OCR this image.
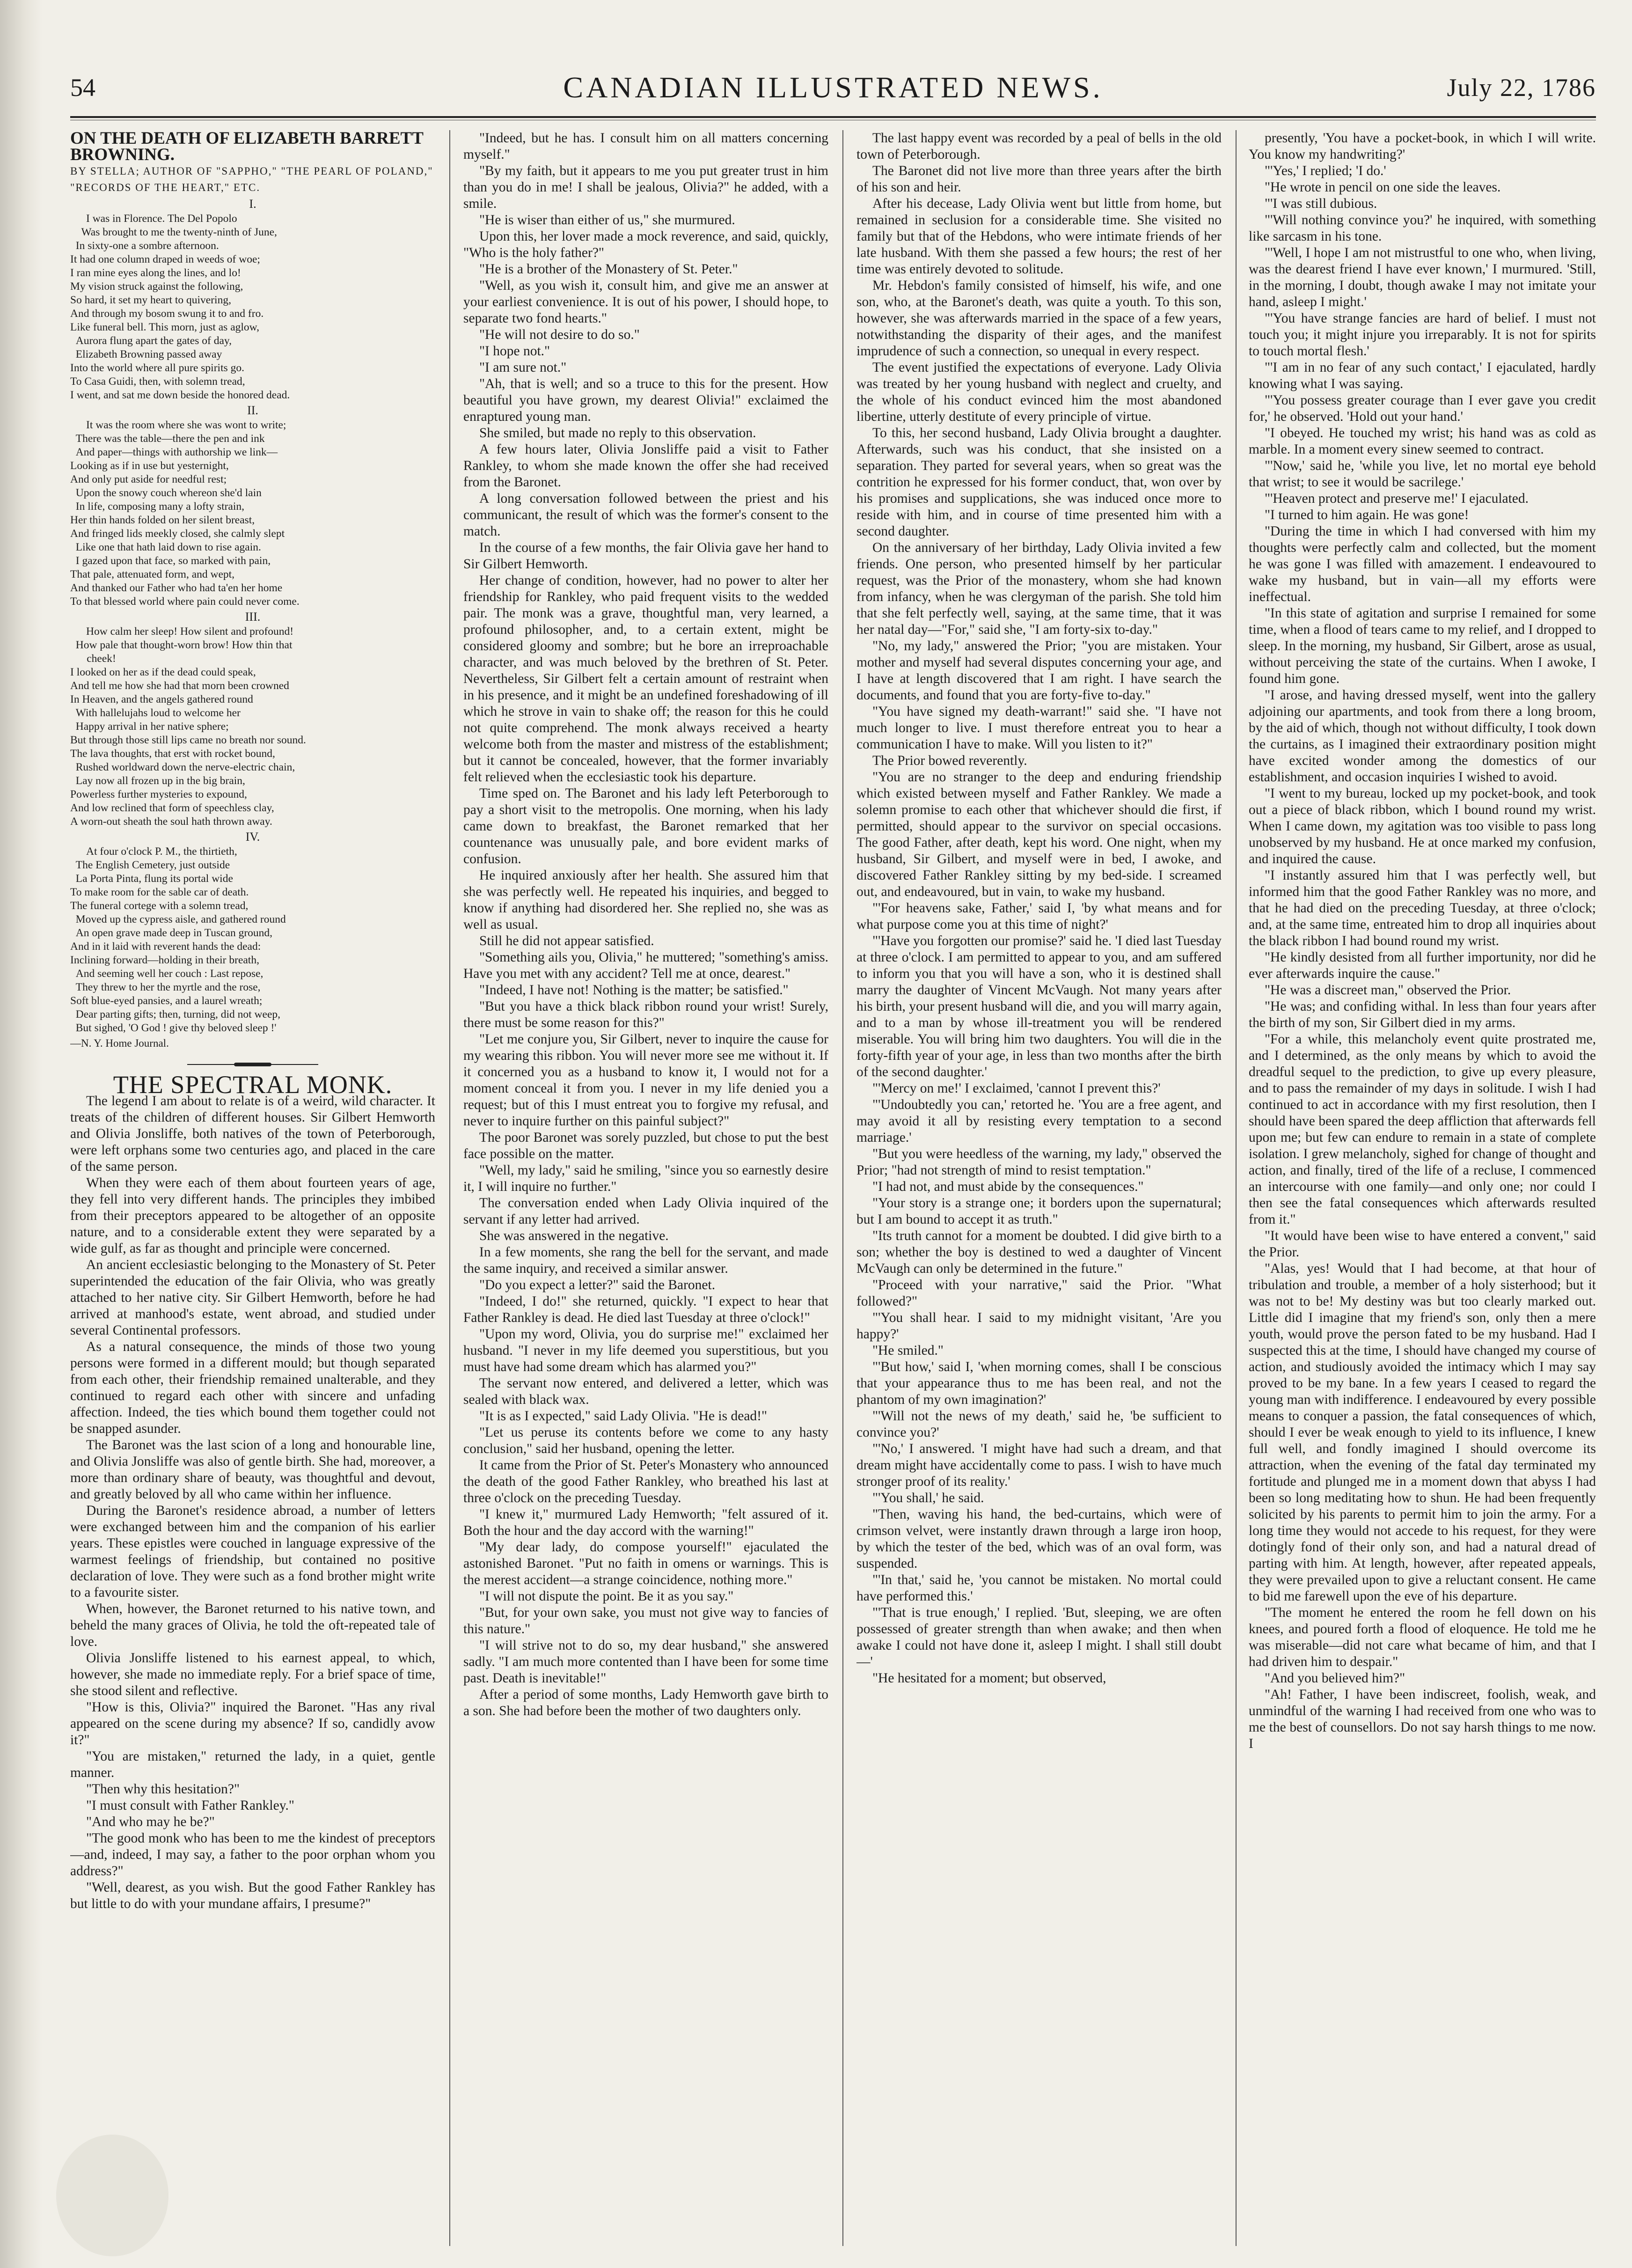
54	CANADIAN ILLUSTRATED NEWS.	July 22, 1786

ON THE DEATH OF ELIZABETH BARRETT BROWNING.

BY STELLA; AUTHOR OF "SAPPHO," "THE PEARL OF POLAND," "RECORDS OF THE HEART," ETC.

I.

I was in Florence. The Del Popolo
Was brought to me the twenty-ninth of June,
In sixty-one a sombre afternoon.
It had one column draped in weeds of woe;
I ran mine eyes along the lines, and lo!
My vision struck against the following,
So hard, it set my heart to quivering,
And through my bosom swung it to and fro.
Like funeral bell. This morn, just as aglow,
Aurora flung apart the gates of day,
Elizabeth Browning passed away
Into the world where all pure spirits go.
To Casa Guidi, then, with solemn tread,
I went, and sat me down beside the honored dead.

II.

It was the room where she was wont to write;
There was the table—there the pen and ink
And paper—things with authorship we link—
Looking as if in use but yesternight,
And only put aside for needful rest;
Upon the snowy couch whereon she'd lain
In life, composing many a lofty strain,
Her thin hands folded on her silent breast,
And fringed lids meekly closed, she calmly slept
Like one that hath laid down to rise again.
I gazed upon that face, so marked with pain,
That pale, attenuated form, and wept,
And thanked our Father who had ta'en her home
To that blessed world where pain could never come.

III.

How calm her sleep! How silent and profound!
How pale that thought-worn brow! How thin that
cheek!
I looked on her as if the dead could speak,
And tell me how she had that morn been crowned
In Heaven, and the angels gathered round
With hallelujahs loud to welcome her
Happy arrival in her native sphere;
But through those still lips came no breath nor sound.
The lava thoughts, that erst with rocket bound,
Rushed worldward down the nerve-electric chain,
Lay now all frozen up in the big brain,
Powerless further mysteries to expound,
And low reclined that form of speechless clay,
A worn-out sheath the soul hath thrown away.

IV.

At four o'clock P. M., the thirtieth,
The English Cemetery, just outside
La Porta Pinta, flung its portal wide
To make room for the sable car of death.
The funeral cortege with a solemn tread,
Moved up the cypress aisle, and gathered round
An open grave made deep in Tuscan ground,
And in it laid with reverent hands the dead:
Inclining forward—holding in their breath,
And seeming well her couch : Last repose,
They threw to her the myrtle and the rose,
Soft blue-eyed pansies, and a laurel wreath;
Dear parting gifts; then, turning, did not weep,
But sighed, 'O God ! give thy beloved sleep !'

—N. Y. Home Journal.

THE SPECTRAL MONK.

The legend I am about to relate is of a weird, wild character. It treats of the children of different houses. Sir Gilbert Hemworth and Olivia Jonsliffe, both natives of the town of Peterborough, were left orphans some two centuries ago, and placed in the care of the same person.

When they were each of them about fourteen years of age, they fell into very different hands. The principles they imbibed from their preceptors appeared to be altogether of an opposite nature, and to a considerable extent they were separated by a wide gulf, as far as thought and principle were concerned.

An ancient ecclesiastic belonging to the Monastery of St. Peter superintended the education of the fair Olivia, who was greatly attached to her native city. Sir Gilbert Hemworth, before he had arrived at manhood's estate, went abroad, and studied under several Continental professors.

As a natural consequence, the minds of those two young persons were formed in a different mould; but though separated from each other, their friendship remained unalterable, and they continued to regard each other with sincere and unfading affection. Indeed, the ties which bound them together could not be snapped asunder.

The Baronet was the last scion of a long and honourable line, and Olivia Jonsliffe was also of gentle birth. She had, moreover, a more than ordinary share of beauty, was thoughtful and devout, and greatly beloved by all who came within her influence.

During the Baronet's residence abroad, a number of letters were exchanged between him and the companion of his earlier years. These epistles were couched in language expressive of the warmest feelings of friendship, but contained no positive declaration of love. They were such as a fond brother might write to a favourite sister.

When, however, the Baronet returned to his native town, and beheld the many graces of Olivia, he told the oft-repeated tale of love.

Olivia Jonsliffe listened to his earnest appeal, to which, however, she made no immediate reply. For a brief space of time, she stood silent and reflective.

"How is this, Olivia?" inquired the Baronet. "Has any rival appeared on the scene during my absence? If so, candidly avow it?"

"You are mistaken," returned the lady, in a quiet, gentle manner.

"Then why this hesitation?"

"I must consult with Father Rankley."

"And who may he be?"

"The good monk who has been to me the kindest of preceptors—and, indeed, I may say, a father to the poor orphan whom you address?"

"Well, dearest, as you wish. But the good Father Rankley has but little to do with your mundane affairs, I presume?"

"Indeed, but he has. I consult him on all matters concerning myself."

"By my faith, but it appears to me you put greater trust in him than you do in me! I shall be jealous, Olivia?" he added, with a smile.

"He is wiser than either of us," she murmured.

Upon this, her lover made a mock reverence, and said, quickly, "Who is the holy father?"

"He is a brother of the Monastery of St. Peter."

"Well, as you wish it, consult him, and give me an answer at your earliest convenience. It is out of his power, I should hope, to separate two fond hearts."

"He will not desire to do so."

"I hope not."

"I am sure not."

"Ah, that is well; and so a truce to this for the present. How beautiful you have grown, my dearest Olivia!" exclaimed the enraptured young man.

She smiled, but made no reply to this observation.

A few hours later, Olivia Jonsliffe paid a visit to Father Rankley, to whom she made known the offer she had received from the Baronet.

A long conversation followed between the priest and his communicant, the result of which was the former's consent to the match.

In the course of a few months, the fair Olivia gave her hand to Sir Gilbert Hemworth.

Her change of condition, however, had no power to alter her friendship for Rankley, who paid frequent visits to the wedded pair. The monk was a grave, thoughtful man, very learned, a profound philosopher, and, to a certain extent, might be considered gloomy and sombre; but he bore an irreproachable character, and was much beloved by the brethren of St. Peter. Nevertheless, Sir Gilbert felt a certain amount of restraint when in his presence, and it might be an undefined foreshadowing of ill which he strove in vain to shake off; the reason for this he could not quite comprehend. The monk always received a hearty welcome both from the master and mistress of the establishment; but it cannot be concealed, however, that the former invariably felt relieved when the ecclesiastic took his departure.

Time sped on. The Baronet and his lady left Peterborough to pay a short visit to the metropolis. One morning, when his lady came down to breakfast, the Baronet remarked that her countenance was unusually pale, and bore evident marks of confusion.

He inquired anxiously after her health. She assured him that she was perfectly well. He repeated his inquiries, and begged to know if anything had disordered her. She replied no, she was as well as usual.

Still he did not appear satisfied.

"Something ails you, Olivia," he muttered; "something's amiss. Have you met with any accident? Tell me at once, dearest."

"Indeed, I have not! Nothing is the matter; be satisfied."

"But you have a thick black ribbon round your wrist! Surely, there must be some reason for this?"

"Let me conjure you, Sir Gilbert, never to inquire the cause for my wearing this ribbon. You will never more see me without it. If it concerned you as a husband to know it, I would not for a moment conceal it from you. I never in my life denied you a request; but of this I must entreat you to forgive my refusal, and never to inquire further on this painful subject?"

The poor Baronet was sorely puzzled, but chose to put the best face possible on the matter.

"Well, my lady," said he smiling, "since you so earnestly desire it, I will inquire no further."

The conversation ended when Lady Olivia inquired of the servant if any letter had arrived.

She was answered in the negative.

In a few moments, she rang the bell for the servant, and made the same inquiry, and received a similar answer.

"Do you expect a letter?" said the Baronet.

"Indeed, I do!" she returned, quickly. "I expect to hear that Father Rankley is dead. He died last Tuesday at three o'clock!"

"Upon my word, Olivia, you do surprise me!" exclaimed her husband. "I never in my life deemed you superstitious, but you must have had some dream which has alarmed you?"

The servant now entered, and delivered a letter, which was sealed with black wax.

"It is as I expected," said Lady Olivia. "He is dead!"

"Let us peruse its contents before we come to any hasty conclusion," said her husband, opening the letter.

It came from the Prior of St. Peter's Monastery who announced the death of the good Father Rankley, who breathed his last at three o'clock on the preceding Tuesday.

"I knew it," murmured Lady Hemworth; "felt assured of it. Both the hour and the day accord with the warning!"

"My dear lady, do compose yourself!" ejaculated the astonished Baronet. "Put no faith in omens or warnings. This is the merest accident—a strange coincidence, nothing more."

"I will not dispute the point. Be it as you say."

"But, for your own sake, you must not give way to fancies of this nature."

"I will strive not to do so, my dear husband," she answered sadly. "I am much more contented than I have been for some time past. Death is inevitable!"

After a period of some months, Lady Hemworth gave birth to a son. She had before been the mother of two daughters only.

The last happy event was recorded by a peal of bells in the old town of Peterborough.

The Baronet did not live more than three years after the birth of his son and heir.

After his decease, Lady Olivia went but little from home, but remained in seclusion for a considerable time. She visited no family but that of the Hebdons, who were intimate friends of her late husband. With them she passed a few hours; the rest of her time was entirely devoted to solitude.

Mr. Hebdon's family consisted of himself, his wife, and one son, who, at the Baronet's death, was quite a youth. To this son, however, she was afterwards married in the space of a few years, notwithstanding the disparity of their ages, and the manifest imprudence of such a connection, so unequal in every respect.

The event justified the expectations of everyone. Lady Olivia was treated by her young husband with neglect and cruelty, and the whole of his conduct evinced him the most abandoned libertine, utterly destitute of every principle of virtue.

To this, her second husband, Lady Olivia brought a daughter. Afterwards, such was his conduct, that she insisted on a separation. They parted for several years, when so great was the contrition he expressed for his former conduct, that, won over by his promises and supplications, she was induced once more to reside with him, and in course of time presented him with a second daughter.

On the anniversary of her birthday, Lady Olivia invited a few friends. One person, who presented himself by her particular request, was the Prior of the monastery, whom she had known from infancy, when he was clergyman of the parish. She told him that she felt perfectly well, saying, at the same time, that it was her natal day—"For," said she, "I am forty-six to-day."

"No, my lady," answered the Prior; "you are mistaken. Your mother and myself had several disputes concerning your age, and I have at length discovered that I am right. I have search the documents, and found that you are forty-five to-day."

"You have signed my death-warrant!" said she. "I have not much longer to live. I must therefore entreat you to hear a communication I have to make. Will you listen to it?"

The Prior bowed reverently.

"You are no stranger to the deep and enduring friendship which existed between myself and Father Rankley. We made a solemn promise to each other that whichever should die first, if permitted, should appear to the survivor on special occasions. The good Father, after death, kept his word. One night, when my husband, Sir Gilbert, and myself were in bed, I awoke, and discovered Father Rankley sitting by my bed-side. I screamed out, and endeavoured, but in vain, to wake my husband.

"'For heavens sake, Father,' said I, 'by what means and for what purpose come you at this time of night?'

"'Have you forgotten our promise?' said he. 'I died last Tuesday at three o'clock. I am permitted to appear to you, and am suffered to inform you that you will have a son, who it is destined shall marry the daughter of Vincent McVaugh. Not many years after his birth, your present husband will die, and you will marry again, and to a man by whose ill-treatment you will be rendered miserable. You will bring him two daughters. You will die in the forty-fifth year of your age, in less than two months after the birth of the second daughter.'

"'Mercy on me!' I exclaimed, 'cannot I prevent this?'

"'Undoubtedly you can,' retorted he. 'You are a free agent, and may avoid it all by resisting every temptation to a second marriage.'

"But you were heedless of the warning, my lady," observed the Prior; "had not strength of mind to resist temptation."

"I had not, and must abide by the consequences."

"Your story is a strange one; it borders upon the supernatural; but I am bound to accept it as truth."

"Its truth cannot for a moment be doubted. I did give birth to a son; whether the boy is destined to wed a daughter of Vincent McVaugh can only be determined in the future."

"Proceed with your narrative," said the Prior. "What followed?"

"'You shall hear. I said to my midnight visitant, 'Are you happy?'

"He smiled."

"'But how,' said I, 'when morning comes, shall I be conscious that your appearance thus to me has been real, and not the phantom of my own imagination?'

"'Will not the news of my death,' said he, 'be sufficient to convince you?'

"'No,' I answered. 'I might have had such a dream, and that dream might have accidentally come to pass. I wish to have much stronger proof of its reality.'

"'You shall,' he said.

"Then, waving his hand, the bed-curtains, which were of crimson velvet, were instantly drawn through a large iron hoop, by which the tester of the bed, which was of an oval form, was suspended.

"'In that,' said he, 'you cannot be mistaken. No mortal could have performed this.'

"'That is true enough,' I replied. 'But, sleeping, we are often possessed of greater strength than when awake; and then when awake I could not have done it, asleep I might. I shall still doubt—'

"He hesitated for a moment; but observed,

presently, 'You have a pocket-book, in which I will write. You know my handwriting?'

"'Yes,' I replied; 'I do.'

"He wrote in pencil on one side the leaves.

"'I was still dubious.

"'Will nothing convince you?' he inquired, with something like sarcasm in his tone.

"'Well, I hope I am not mistrustful to one who, when living, was the dearest friend I have ever known,' I murmured. 'Still, in the morning, I doubt, though awake I may not imitate your hand, asleep I might.'

"'You have strange fancies are hard of belief. I must not touch you; it might injure you irreparably. It is not for spirits to touch mortal flesh.'

"'I am in no fear of any such contact,' I ejaculated, hardly knowing what I was saying.

"'You possess greater courage than I ever gave you credit for,' he observed. 'Hold out your hand.'

"I obeyed. He touched my wrist; his hand was as cold as marble. In a moment every sinew seemed to contract.

"'Now,' said he, 'while you live, let no mortal eye behold that wrist; to see it would be sacrilege.'

"'Heaven protect and preserve me!' I ejaculated.

"I turned to him again. He was gone!

"During the time in which I had conversed with him my thoughts were perfectly calm and collected, but the moment he was gone I was filled with amazement. I endeavoured to wake my husband, but in vain—all my efforts were ineffectual.

"In this state of agitation and surprise I remained for some time, when a flood of tears came to my relief, and I dropped to sleep. In the morning, my husband, Sir Gilbert, arose as usual, without perceiving the state of the curtains. When I awoke, I found him gone.

"I arose, and having dressed myself, went into the gallery adjoining our apartments, and took from there a long broom, by the aid of which, though not without difficulty, I took down the curtains, as I imagined their extraordinary position might have excited wonder among the domestics of our establishment, and occasion inquiries I wished to avoid.

"I went to my bureau, locked up my pocket-book, and took out a piece of black ribbon, which I bound round my wrist. When I came down, my agitation was too visible to pass long unobserved by my husband. He at once marked my confusion, and inquired the cause.

"I instantly assured him that I was perfectly well, but informed him that the good Father Rankley was no more, and that he had died on the preceding Tuesday, at three o'clock; and, at the same time, entreated him to drop all inquiries about the black ribbon I had bound round my wrist.

"He kindly desisted from all further importunity, nor did he ever afterwards inquire the cause."

"He was a discreet man," observed the Prior.

"He was; and confiding withal. In less than four years after the birth of my son, Sir Gilbert died in my arms.

"For a while, this melancholy event quite prostrated me, and I determined, as the only means by which to avoid the dreadful sequel to the prediction, to give up every pleasure, and to pass the remainder of my days in solitude. I wish I had continued to act in accordance with my first resolution, then I should have been spared the deep affliction that afterwards fell upon me; but few can endure to remain in a state of complete isolation. I grew melancholy, sighed for change of thought and action, and finally, tired of the life of a recluse, I commenced an intercourse with one family—and only one; nor could I then see the fatal consequences which afterwards resulted from it."

"It would have been wise to have entered a convent," said the Prior.

"Alas, yes! Would that I had become, at that hour of tribulation and trouble, a member of a holy sisterhood; but it was not to be! My destiny was but too clearly marked out. Little did I imagine that my friend's son, only then a mere youth, would prove the person fated to be my husband. Had I suspected this at the time, I should have changed my course of action, and studiously avoided the intimacy which I may say proved to be my bane. In a few years I ceased to regard the young man with indifference. I endeavoured by every possible means to conquer a passion, the fatal consequences of which, should I ever be weak enough to yield to its influence, I knew full well, and fondly imagined I should overcome its attraction, when the evening of the fatal day terminated my fortitude and plunged me in a moment down that abyss I had been so long meditating how to shun. He had been frequently solicited by his parents to permit him to join the army. For a long time they would not accede to his request, for they were dotingly fond of their only son, and had a natural dread of parting with him. At length, however, after repeated appeals, they were prevailed upon to give a reluctant consent. He came to bid me farewell upon the eve of his departure.

"The moment he entered the room he fell down on his knees, and poured forth a flood of eloquence. He told me he was miserable—did not care what became of him, and that I had driven him to despair."

"And you believed him?"

"Ah! Father, I have been indiscreet, foolish, weak, and unmindful of the warning I had received from one who was to me the best of counsellors. Do not say harsh things to me now. I
